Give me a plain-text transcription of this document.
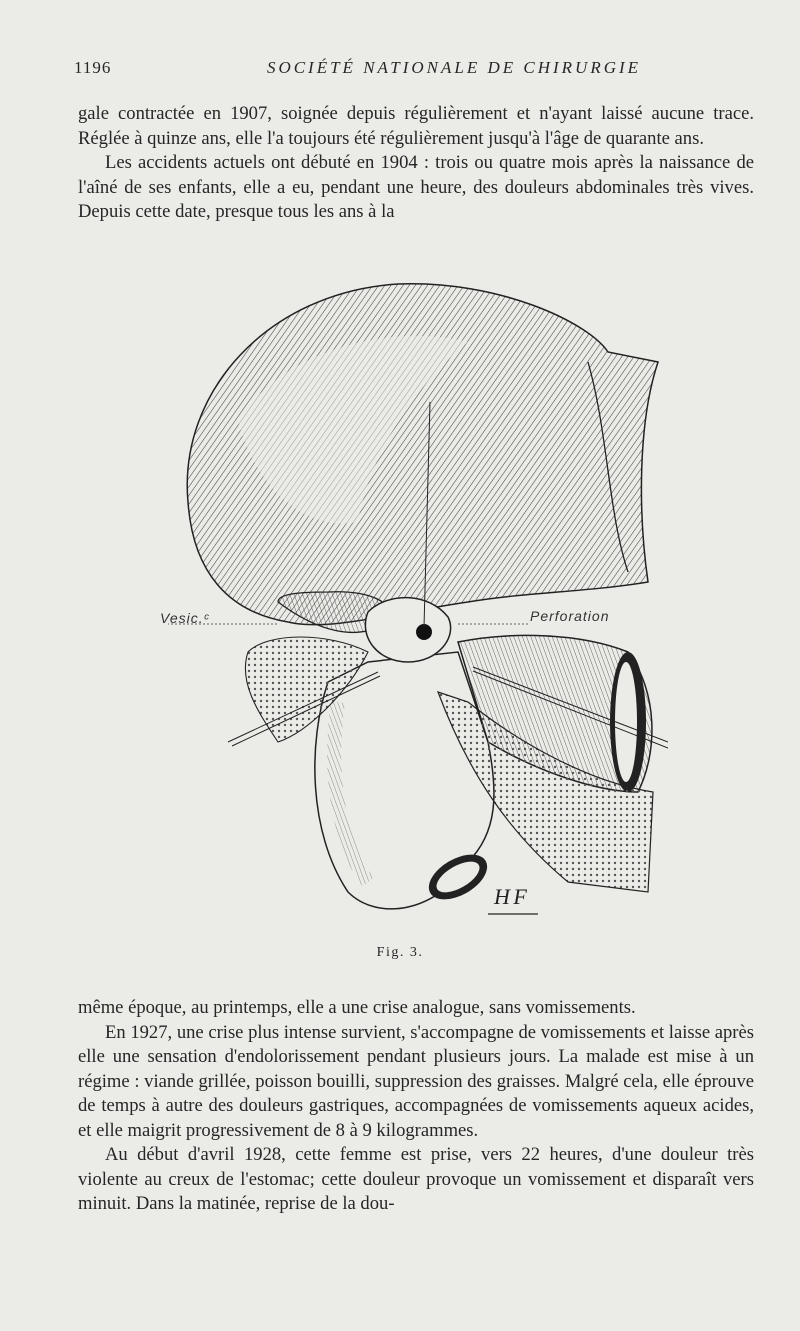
1196	SOCIÉTÉ NATIONALE DE CHIRURGIE

gale contractée en 1907, soignée depuis régulièrement et n'ayant laissé aucune trace. Réglée à quinze ans, elle l'a toujours été régulièrement jusqu'à l'âge de quarante ans.

Les accidents actuels ont débuté en 1904 : trois ou quatre mois après la naissance de l'aîné de ses enfants, elle a eu, pendant une heure, des douleurs abdominales très vives. Depuis cette date, presque tous les ans à la

Vesic.ᶜ	Perforation
H F
Fig. 3.

même époque, au printemps, elle a une crise analogue, sans vomissements.

En 1927, une crise plus intense survient, s'accompagne de vomissements et laisse après elle une sensation d'endolorissement pendant plusieurs jours. La malade est mise à un régime : viande grillée, poisson bouilli, suppression des graisses. Malgré cela, elle éprouve de temps à autre des douleurs gastriques, accompagnées de vomissements aqueux acides, et elle maigrit progressivement de 8 à 9 kilogrammes.

Au début d'avril 1928, cette femme est prise, vers 22 heures, d'une douleur très violente au creux de l'estomac; cette douleur provoque un vomissement et disparaît vers minuit. Dans la matinée, reprise de la dou-
